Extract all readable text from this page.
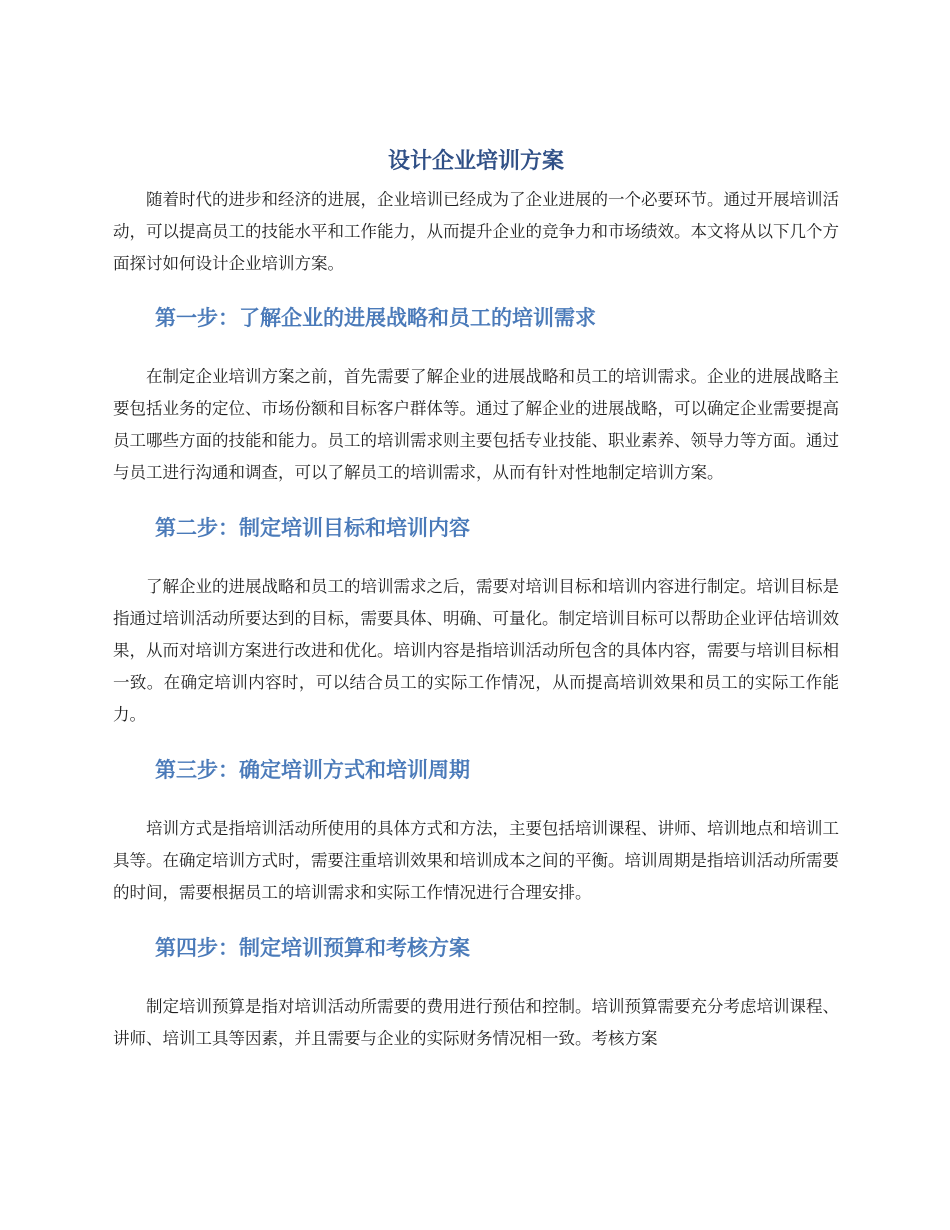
设计企业培训方案

随着时代的进步和经济的进展，企业培训已经成为了企业进展的一个必要环节。通过开展培训活动，可以提高员工的技能水平和工作能力，从而提升企业的竞争力和市场绩效。本文将从以下几个方面探讨如何设计企业培训方案。

第一步：了解企业的进展战略和员工的培训需求

在制定企业培训方案之前，首先需要了解企业的进展战略和员工的培训需求。企业的进展战略主要包括业务的定位、市场份额和目标客户群体等。通过了解企业的进展战略，可以确定企业需要提高员工哪些方面的技能和能力。员工的培训需求则主要包括专业技能、职业素养、领导力等方面。通过与员工进行沟通和调查，可以了解员工的培训需求，从而有针对性地制定培训方案。

第二步：制定培训目标和培训内容

了解企业的进展战略和员工的培训需求之后，需要对培训目标和培训内容进行制定。培训目标是指通过培训活动所要达到的目标，需要具体、明确、可量化。制定培训目标可以帮助企业评估培训效果，从而对培训方案进行改进和优化。培训内容是指培训活动所包含的具体内容，需要与培训目标相一致。在确定培训内容时，可以结合员工的实际工作情况，从而提高培训效果和员工的实际工作能力。

第三步：确定培训方式和培训周期

培训方式是指培训活动所使用的具体方式和方法，主要包括培训课程、讲师、培训地点和培训工具等。在确定培训方式时，需要注重培训效果和培训成本之间的平衡。培训周期是指培训活动所需要的时间，需要根据员工的培训需求和实际工作情况进行合理安排。

第四步：制定培训预算和考核方案

制定培训预算是指对培训活动所需要的费用进行预估和控制。培训预算需要充分考虑培训课程、讲师、培训工具等因素，并且需要与企业的实际财务情况相一致。考核方案
